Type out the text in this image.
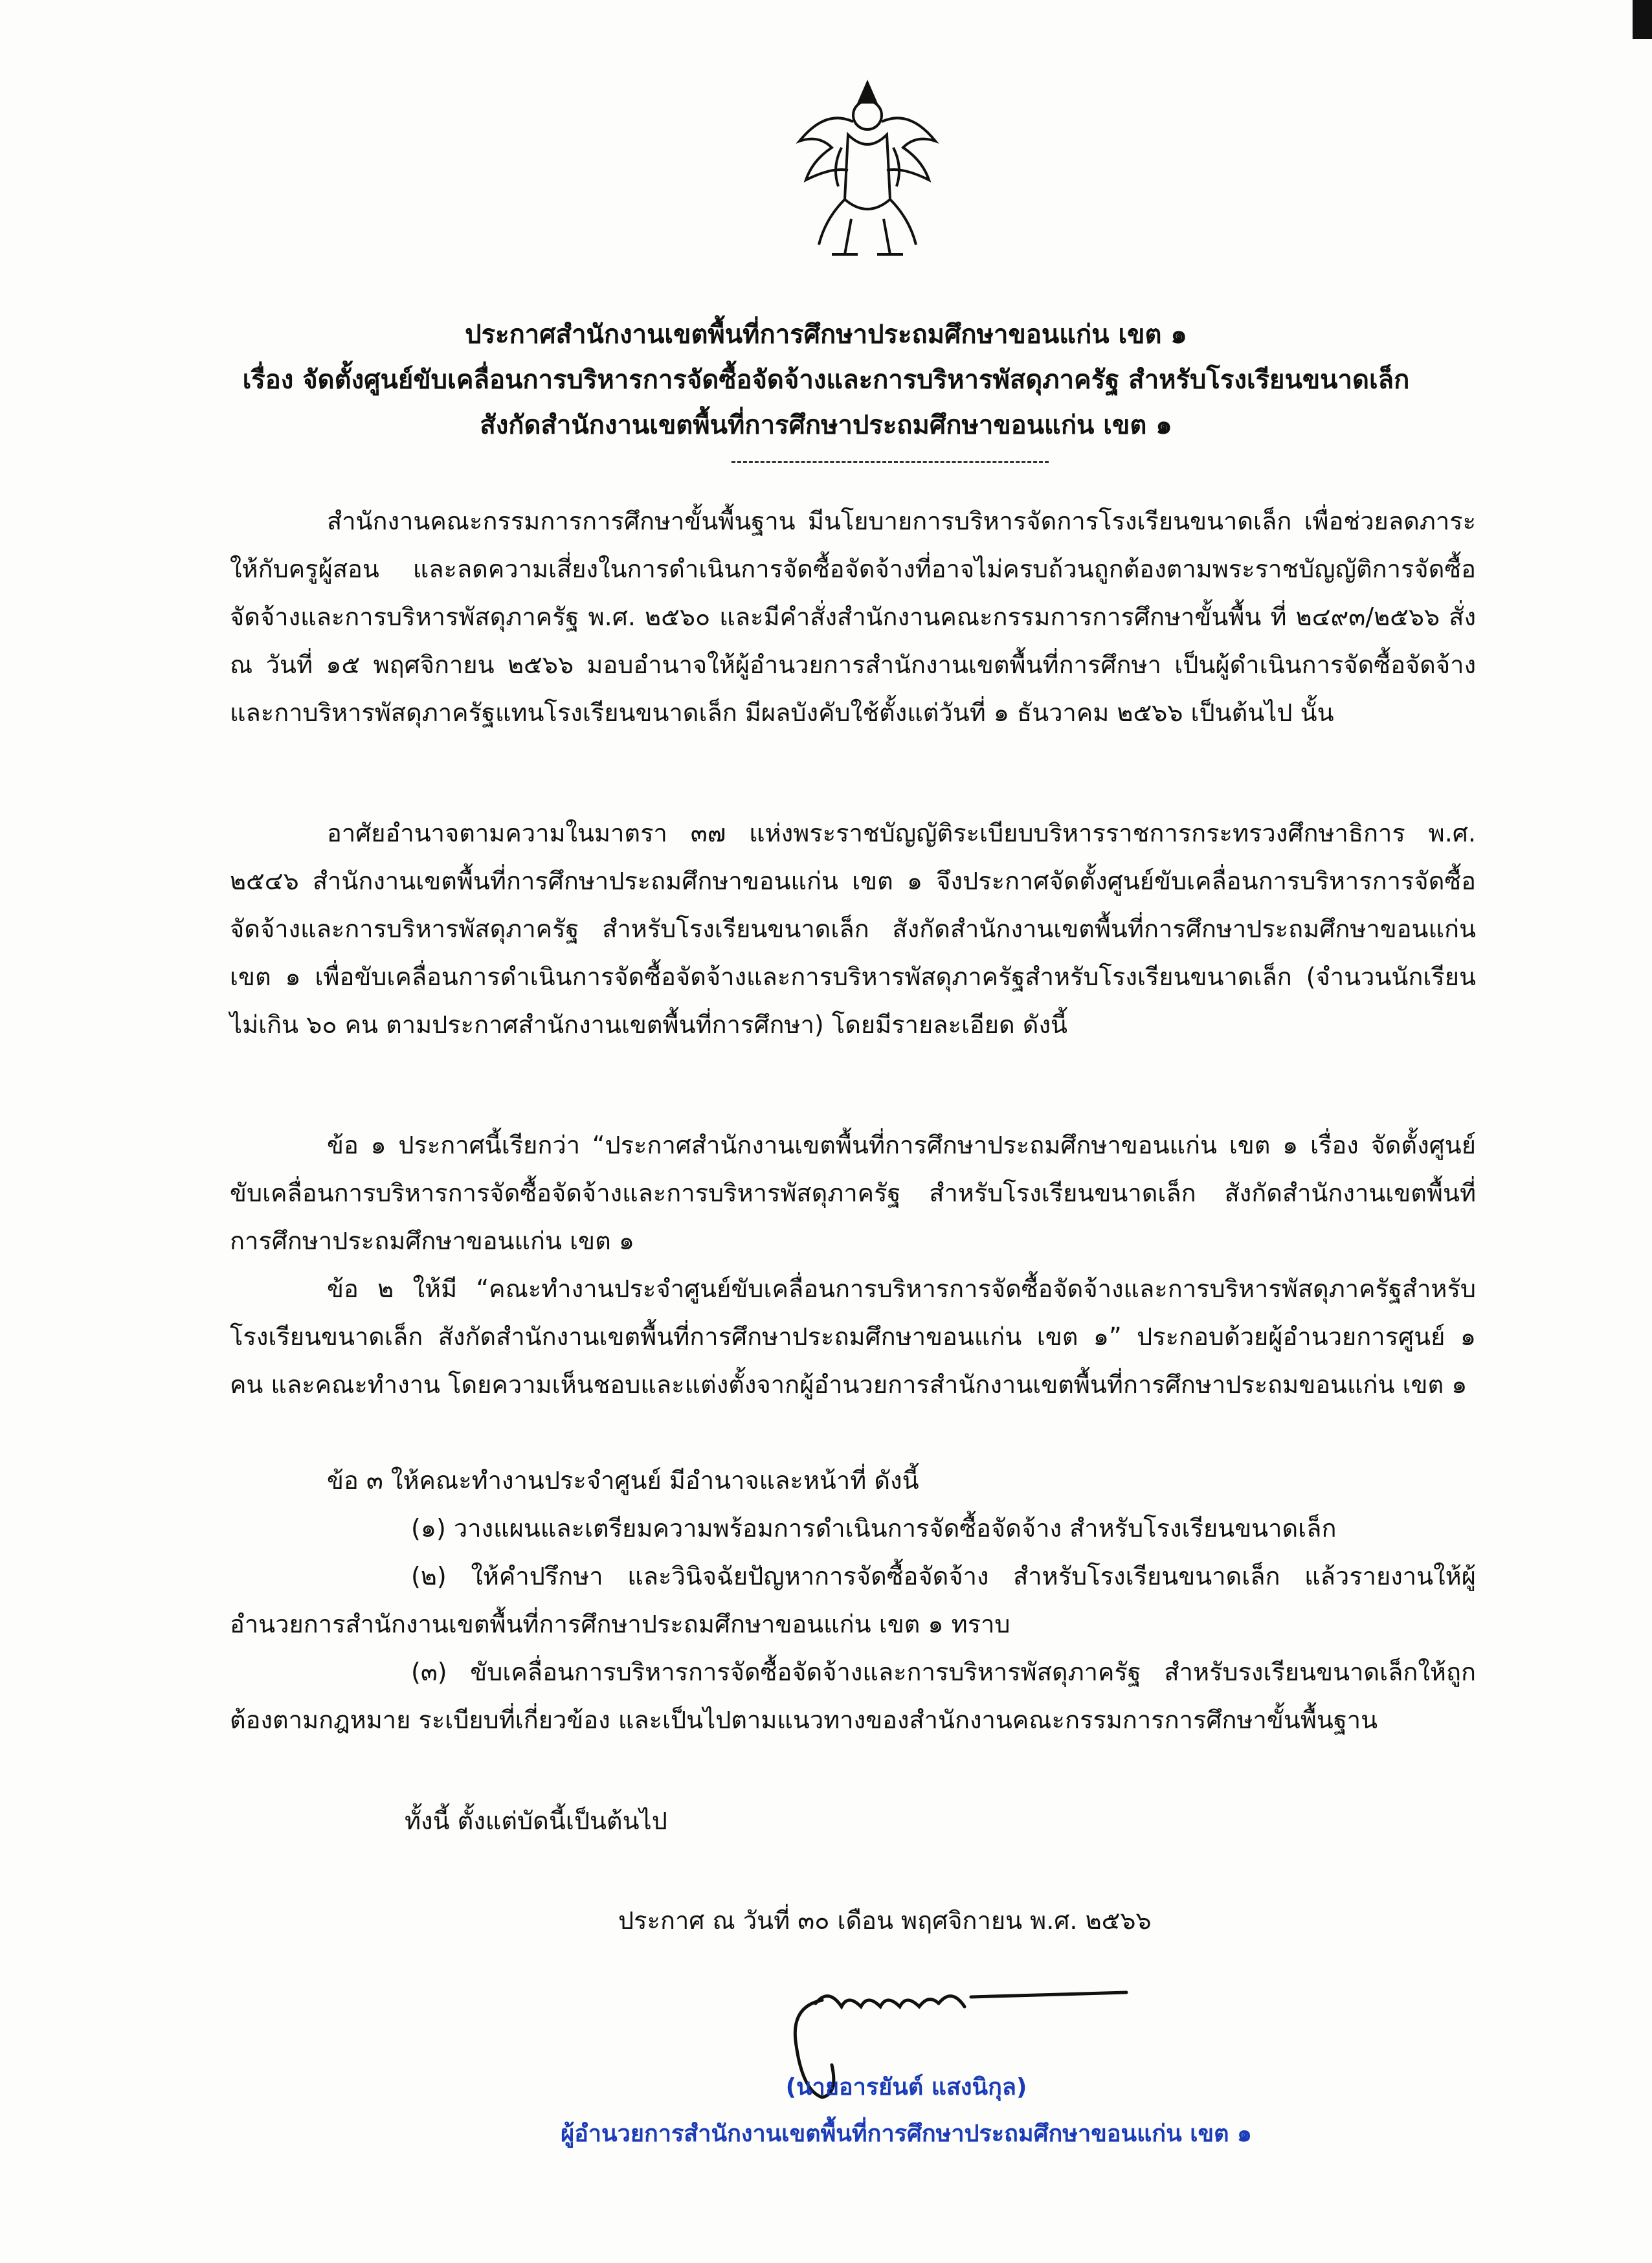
ประกาศสำนักงานเขตพื้นที่การศึกษาประถมศึกษาขอนแก่น เขต ๑
เรื่อง จัดตั้งศูนย์ขับเคลื่อนการบริหารการจัดซื้อจัดจ้างและการบริหารพัสดุภาครัฐ สำหรับโรงเรียนขนาดเล็ก
สังกัดสำนักงานเขตพื้นที่การศึกษาประถมศึกษาขอนแก่น เขต ๑
สำนักงานคณะกรรมการการศึกษาขั้นพื้นฐาน มีนโยบายการบริหารจัดการโรงเรียนขนาดเล็ก เพื่อช่วยลดภาระให้กับครูผู้สอน และลดความเสี่ยงในการดำเนินการจัดซื้อจัดจ้างที่อาจไม่ครบถ้วนถูกต้องตามพระราชบัญญัติการจัดซื้อจัดจ้างและการบริหารพัสดุภาครัฐ พ.ศ. ๒๕๖๐ และมีคำสั่งสำนักงานคณะกรรมการการศึกษาขั้นพื้น ที่ ๒๔๙๓/๒๕๖๖ สั่ง ณ วันที่ ๑๕ พฤศจิกายน ๒๕๖๖ มอบอำนาจให้ผู้อำนวยการสำนักงานเขตพื้นที่การศึกษา เป็นผู้ดำเนินการจัดซื้อจัดจ้างและกาบริหารพัสดุภาครัฐแทนโรงเรียนขนาดเล็ก มีผลบังคับใช้ตั้งแต่วันที่ ๑ ธันวาคม ๒๕๖๖ เป็นต้นไป นั้น
อาศัยอำนาจตามความในมาตรา ๓๗ แห่งพระราชบัญญัติระเบียบบริหารราชการกระทรวงศึกษาธิการ พ.ศ. ๒๕๔๖ สำนักงานเขตพื้นที่การศึกษาประถมศึกษาขอนแก่น เขต ๑ จึงประกาศจัดตั้งศูนย์ขับเคลื่อนการบริหารการจัดซื้อจัดจ้างและการบริหารพัสดุภาครัฐ สำหรับโรงเรียนขนาดเล็ก สังกัดสำนักงานเขตพื้นที่การศึกษาประถมศึกษาขอนแก่น เขต ๑ เพื่อขับเคลื่อนการดำเนินการจัดซื้อจัดจ้างและการบริหารพัสดุภาครัฐสำหรับโรงเรียนขนาดเล็ก (จำนวนนักเรียนไม่เกิน ๖๐ คน ตามประกาศสำนักงานเขตพื้นที่การศึกษา) โดยมีรายละเอียด ดังนี้
ข้อ ๑ ประกาศนี้เรียกว่า “ประกาศสำนักงานเขตพื้นที่การศึกษาประถมศึกษาขอนแก่น เขต ๑ เรื่อง จัดตั้งศูนย์ขับเคลื่อนการบริหารการจัดซื้อจัดจ้างและการบริหารพัสดุภาครัฐ สำหรับโรงเรียนขนาดเล็ก สังกัดสำนักงานเขตพื้นที่การศึกษาประถมศึกษาขอนแก่น เขต ๑
ข้อ ๒ ให้มี “คณะทำงานประจำศูนย์ขับเคลื่อนการบริหารการจัดซื้อจัดจ้างและการบริหารพัสดุภาครัฐสำหรับโรงเรียนขนาดเล็ก สังกัดสำนักงานเขตพื้นที่การศึกษาประถมศึกษาขอนแก่น เขต ๑” ประกอบด้วยผู้อำนวยการศูนย์ ๑ คน และคณะทำงาน โดยความเห็นชอบและแต่งตั้งจากผู้อำนวยการสำนักงานเขตพื้นที่การศึกษาประถมขอนแก่น เขต ๑
ข้อ ๓ ให้คณะทำงานประจำศูนย์ มีอำนาจและหน้าที่ ดังนี้
(๑) วางแผนและเตรียมความพร้อมการดำเนินการจัดซื้อจัดจ้าง สำหรับโรงเรียนขนาดเล็ก
(๒) ให้คำปรึกษา และวินิจฉัยปัญหาการจัดซื้อจัดจ้าง สำหรับโรงเรียนขนาดเล็ก แล้วรายงานให้ผู้อำนวยการสำนักงานเขตพื้นที่การศึกษาประถมศึกษาขอนแก่น เขต ๑ ทราบ
(๓) ขับเคลื่อนการบริหารการจัดซื้อจัดจ้างและการบริหารพัสดุภาครัฐ สำหรับรงเรียนขนาดเล็กให้ถูกต้องตามกฎหมาย ระเบียบที่เกี่ยวข้อง และเป็นไปตามแนวทางของสำนักงานคณะกรรมการการศึกษาขั้นพื้นฐาน
ทั้งนี้ ตั้งแต่บัดนี้เป็นต้นไป
ประกาศ ณ วันที่ ๓๐ เดือน พฤศจิกายน พ.ศ. ๒๕๖๖
(นายอารยันต์ แสงนิกุล)
ผู้อำนวยการสำนักงานเขตพื้นที่การศึกษาประถมศึกษาขอนแก่น เขต ๑
